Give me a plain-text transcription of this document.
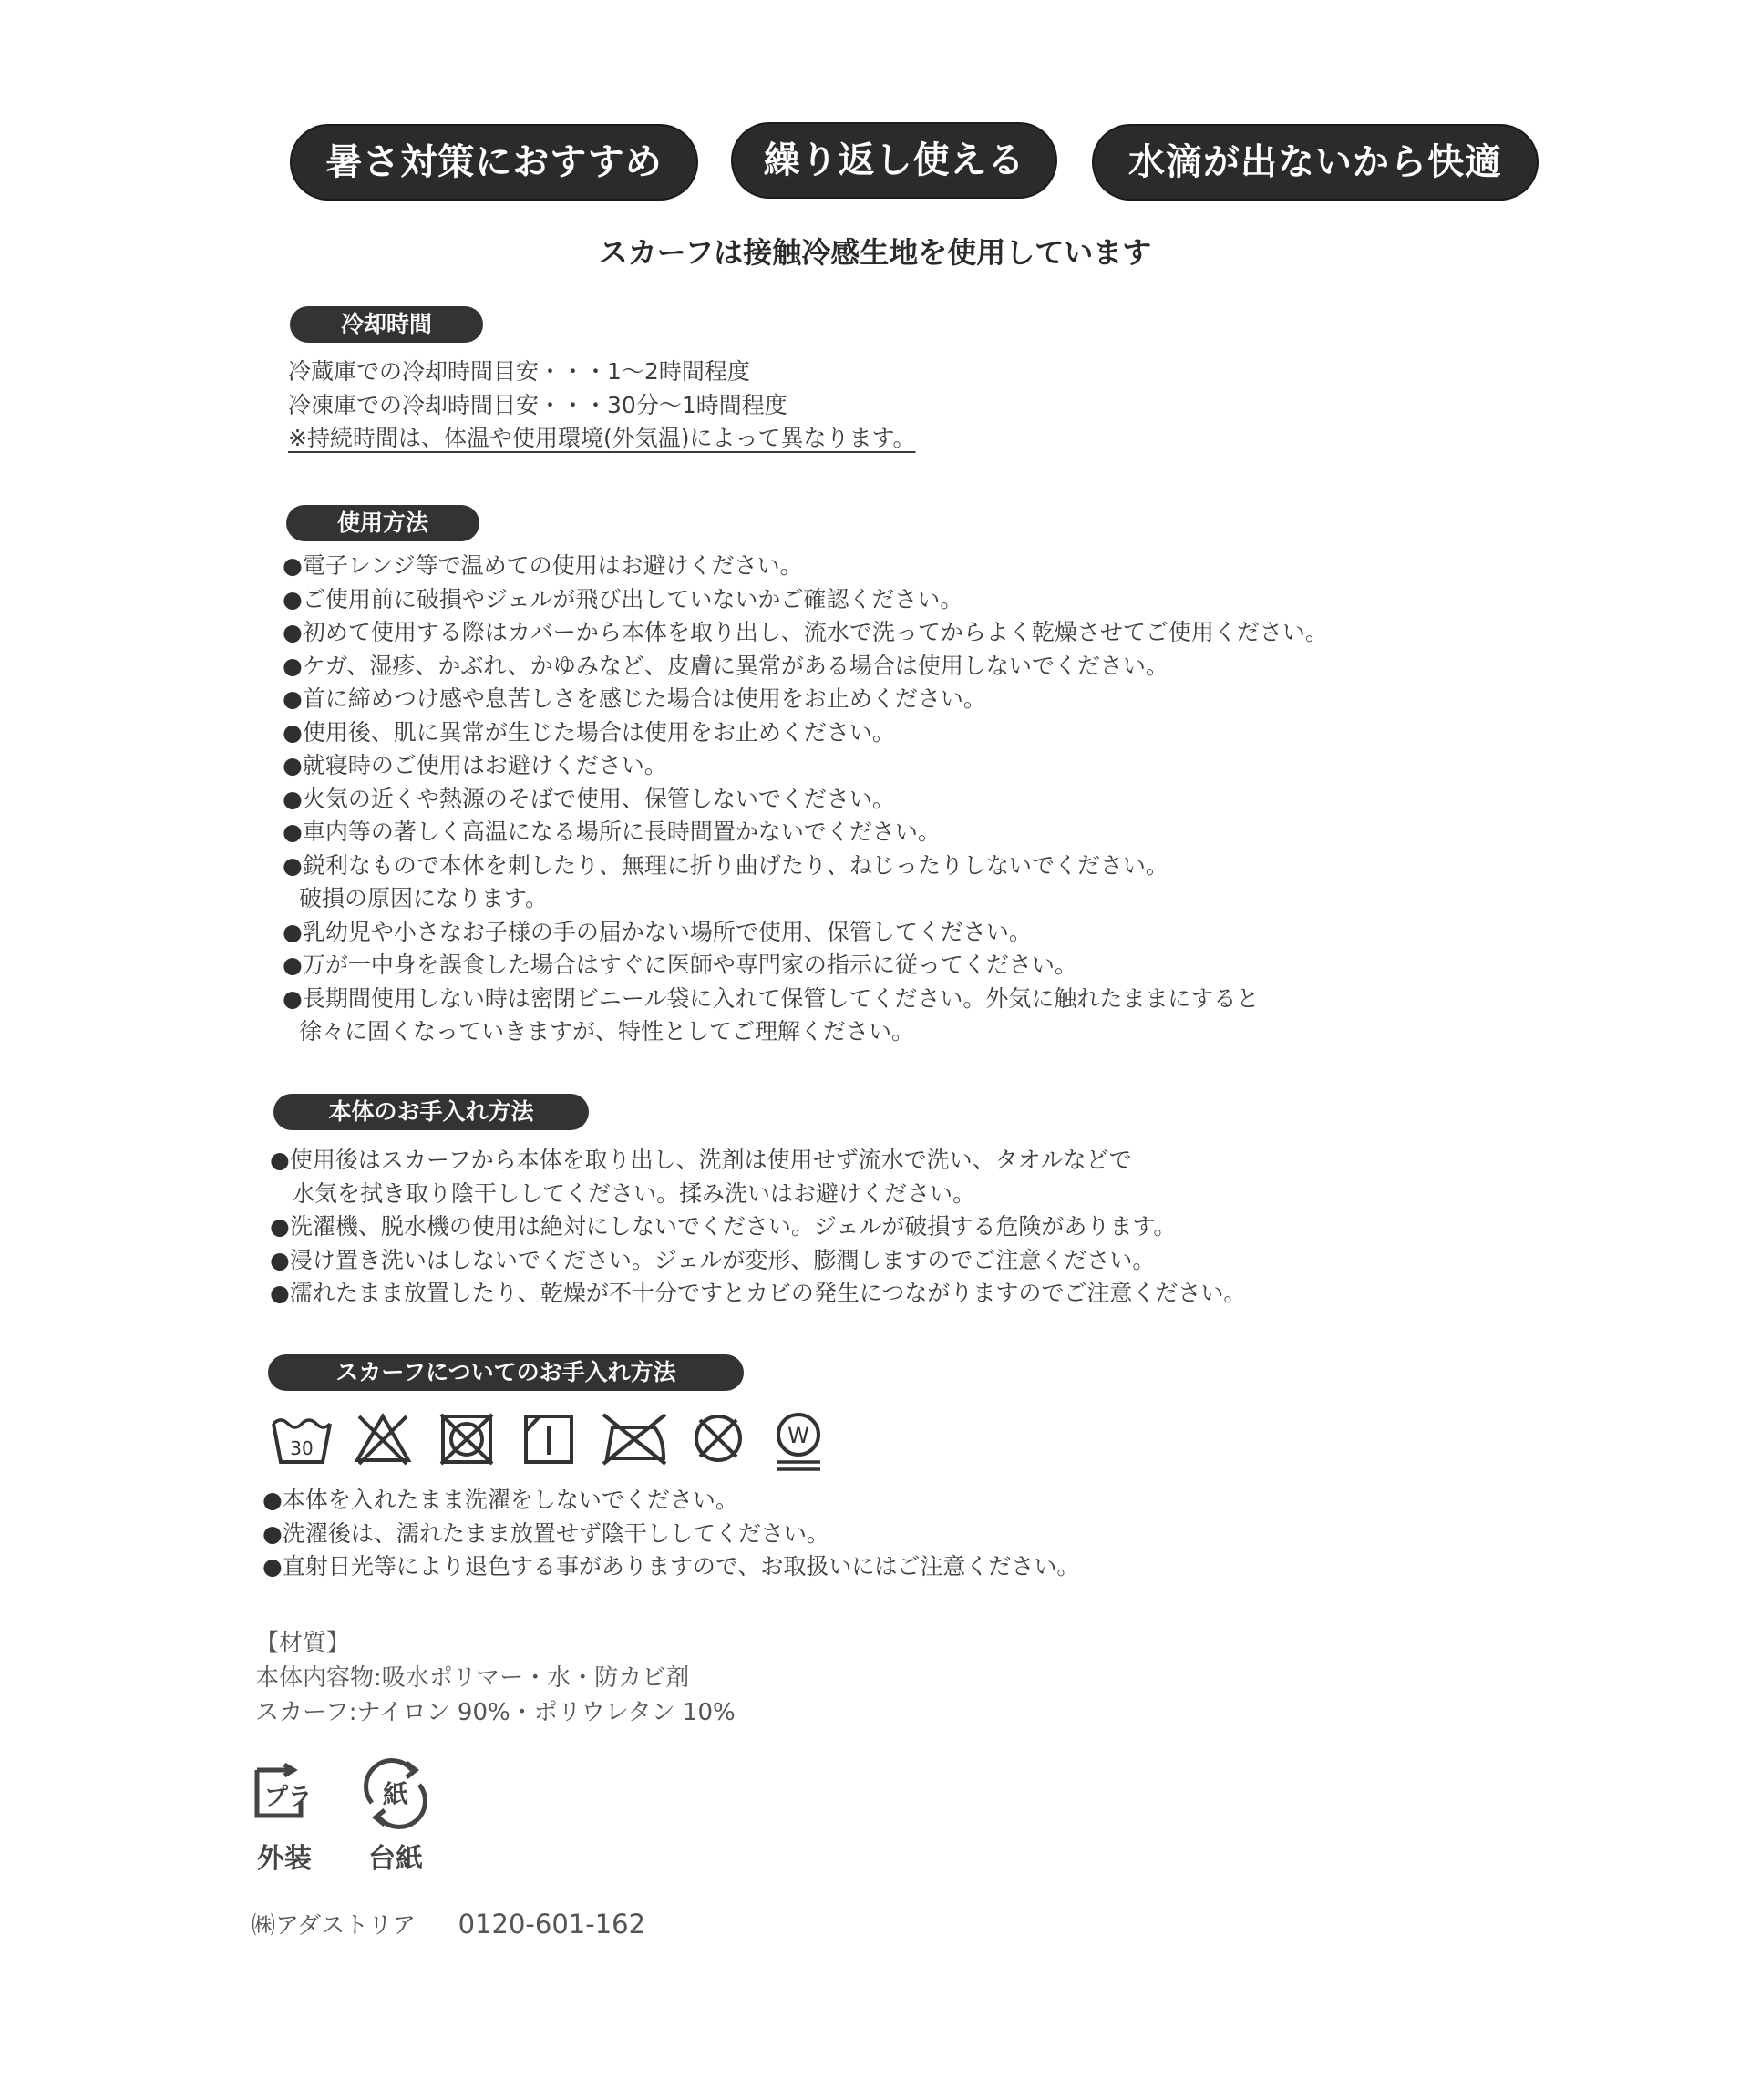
暑さ対策におすすめ	繰り返し使える	水滴が出ないから快適
スカーフは接触冷感生地を使用しています
冷却時間
冷蔵庫での冷却時間目安・・・1〜2時間程度
冷凍庫での冷却時間目安・・・30分〜1時間程度
※持続時間は、体温や使用環境(外気温)によって異なります。
使用方法
●電子レンジ等で温めての使用はお避けください。
●ご使用前に破損やジェルが飛び出していないかご確認ください。
●初めて使用する際はカバーから本体を取り出し、流水で洗ってからよく乾燥させてご使用ください。
●ケガ、湿疹、かぶれ、かゆみなど、皮膚に異常がある場合は使用しないでください。
●首に締めつけ感や息苦しさを感じた場合は使用をお止めください。
●使用後、肌に異常が生じた場合は使用をお止めください。
●就寝時のご使用はお避けください。
●火気の近くや熱源のそばで使用、保管しないでください。
●車内等の著しく高温になる場所に長時間置かないでください。
●鋭利なもので本体を刺したり、無理に折り曲げたり、ねじったりしないでください。
破損の原因になります。
●乳幼児や小さなお子様の手の届かない場所で使用、保管してください。
●万が一中身を誤食した場合はすぐに医師や専門家の指示に従ってください。
●長期間使用しない時は密閉ビニール袋に入れて保管してください。外気に触れたままにすると
徐々に固くなっていきますが、特性としてご理解ください。
本体のお手入れ方法
●使用後はスカーフから本体を取り出し、洗剤は使用せず流水で洗い、タオルなどで
水気を拭き取り陰干ししてください。揉み洗いはお避けください。
●洗濯機、脱水機の使用は絶対にしないでください。ジェルが破損する危険があります。
●浸け置き洗いはしないでください。ジェルが変形、膨潤しますのでご注意ください。
●濡れたまま放置したり、乾燥が不十分ですとカビの発生につながりますのでご注意ください。
スカーフについてのお手入れ方法
30	W
●本体を入れたまま洗濯をしないでください。
●洗濯後は、濡れたまま放置せず陰干ししてください。
●直射日光等により退色する事がありますので、お取扱いにはご注意ください。
【材質】
本体内容物:吸水ポリマー・水・防カビ剤
スカーフ:ナイロン 90%・ポリウレタン 10%
プラ
外装
紙
台紙
㈱アダストリア 0120-601-162
